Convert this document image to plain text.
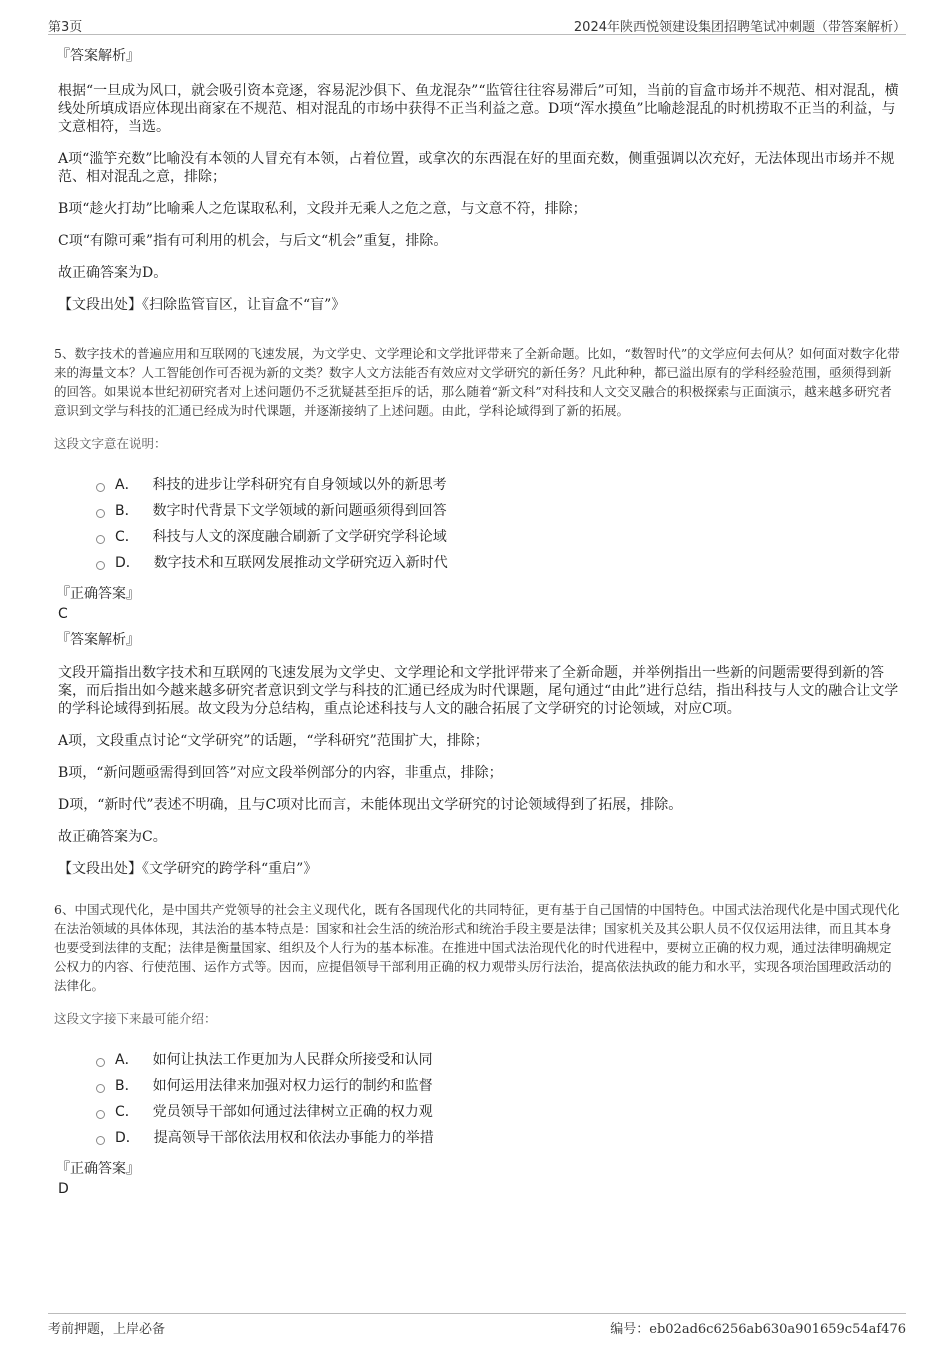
第3页	2024年陕西悦领建设集团招聘笔试冲刺题（带答案解析）
『答案解析』

根据“一旦成为风口，就会吸引资本竞逐，容易泥沙俱下、鱼龙混杂”“监管往往容易滞后”可知，当前的盲盒市场并不规范、相对混乱，横线处所填成语应体现出商家在不规范、相对混乱的市场中获得不正当利益之意。D项“浑水摸鱼”比喻趁混乱的时机捞取不正当的利益，与文意相符，当选。

A项“滥竽充数”比喻没有本领的人冒充有本领，占着位置，或拿次的东西混在好的里面充数，侧重强调以次充好，无法体现出市场并不规范、相对混乱之意，排除；

B项“趁火打劫”比喻乘人之危谋取私利，文段并无乘人之危之意，与文意不符，排除；

C项“有隙可乘”指有可利用的机会，与后文“机会”重复，排除。

故正确答案为D。

【文段出处】《扫除监管盲区，让盲盒不“盲”》

5、数字技术的普遍应用和互联网的飞速发展，为文学史、文学理论和文学批评带来了全新命题。比如，“数智时代”的文学应何去何从？如何面对数字化带来的海量文本？人工智能创作可否视为新的文类？数字人文方法能否有效应对文学研究的新任务？凡此种种，都已溢出原有的学科经验范围，亟须得到新的回答。如果说本世纪初研究者对上述问题仍不乏犹疑甚至拒斥的话，那么随着“新文科”对科技和人文交叉融合的积极探索与正面演示，越来越多研究者意识到文学与科技的汇通已经成为时代课题，并逐渐接纳了上述问题。由此，学科论域得到了新的拓展。

这段文字意在说明：

A． 科技的进步让学科研究有自身领域以外的新思考
B． 数字时代背景下文学领域的新问题亟须得到回答
C． 科技与人文的深度融合刷新了文学研究学科论域
D． 数字技术和互联网发展推动文学研究迈入新时代
『正确答案』
C
『答案解析』

文段开篇指出数字技术和互联网的飞速发展为文学史、文学理论和文学批评带来了全新命题，并举例指出一些新的问题需要得到新的答案，而后指出如今越来越多研究者意识到文学与科技的汇通已经成为时代课题，尾句通过“由此”进行总结，指出科技与人文的融合让文学的学科论域得到拓展。故文段为分总结构，重点论述科技与人文的融合拓展了文学研究的讨论领域，对应C项。

A项，文段重点讨论“文学研究”的话题，“学科研究”范围扩大，排除；

B项，“新问题亟需得到回答”对应文段举例部分的内容，非重点，排除；

D项，“新时代”表述不明确，且与C项对比而言，未能体现出文学研究的讨论领域得到了拓展，排除。

故正确答案为C。

【文段出处】《文学研究的跨学科“重启”》

6、中国式现代化，是中国共产党领导的社会主义现代化，既有各国现代化的共同特征，更有基于自己国情的中国特色。中国式法治现代化是中国式现代化在法治领域的具体体现，其法治的基本特点是：国家和社会生活的统治形式和统治手段主要是法律；国家机关及其公职人员不仅仅运用法律，而且其本身也要受到法律的支配；法律是衡量国家、组织及个人行为的基本标准。在推进中国式法治现代化的时代进程中，要树立正确的权力观，通过法律明确规定公权力的内容、行使范围、运作方式等。因而，应提倡领导干部利用正确的权力观带头厉行法治，提高依法执政的能力和水平，实现各项治国理政活动的法律化。

这段文字接下来最可能介绍：

A． 如何让执法工作更加为人民群众所接受和认同
B． 如何运用法律来加强对权力运行的制约和监督
C． 党员领导干部如何通过法律树立正确的权力观
D． 提高领导干部依法用权和依法办事能力的举措
『正确答案』
D
考前押题，上岸必备	编号：eb02ad6c6256ab630a901659c54af476
